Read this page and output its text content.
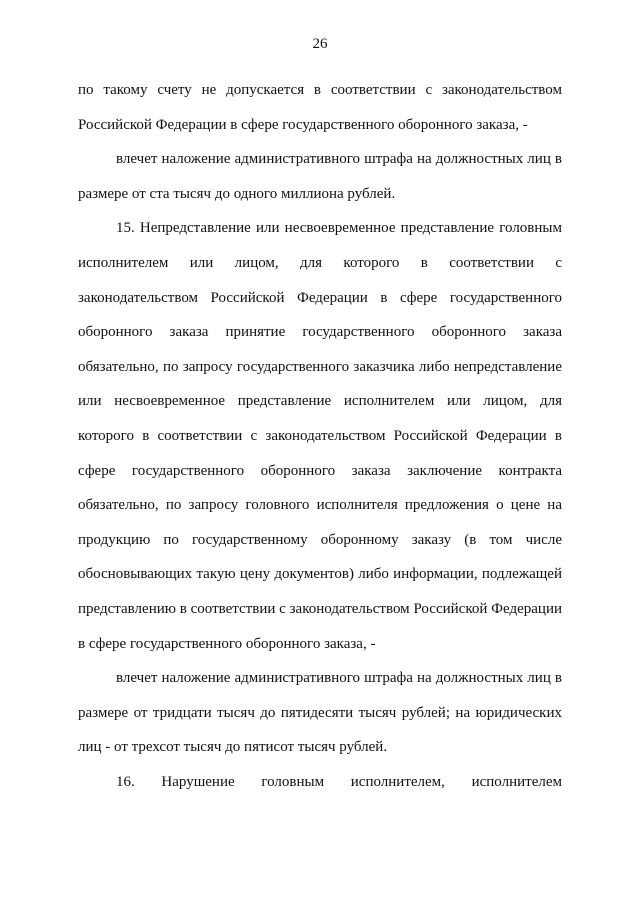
26

по такому счету не допускается в соответствии с законодательством Российской Федерации в сфере государственного оборонного заказа, -

влечет наложение административного штрафа на должностных лиц в размере от ста тысяч до одного миллиона рублей.

15. Непредставление или несвоевременное представление головным исполнителем или лицом, для которого в соответствии с законодательством Российской Федерации в сфере государственного оборонного заказа принятие государственного оборонного заказа обязательно, по запросу государственного заказчика либо непредставление или несвоевременное представление исполнителем или лицом, для которого в соответствии с законодательством Российской Федерации в сфере государственного оборонного заказа заключение контракта обязательно, по запросу головного исполнителя предложения о цене на продукцию по государственному оборонному заказу (в том числе обосновывающих такую цену документов) либо информации, подлежащей представлению в соответствии с законодательством Российской Федерации в сфере государственного оборонного заказа, -

влечет наложение административного штрафа на должностных лиц в размере от тридцати тысяч до пятидесяти тысяч рублей; на юридических лиц - от трехсот тысяч до пятисот тысяч рублей.

16. Нарушение головным исполнителем, исполнителем
